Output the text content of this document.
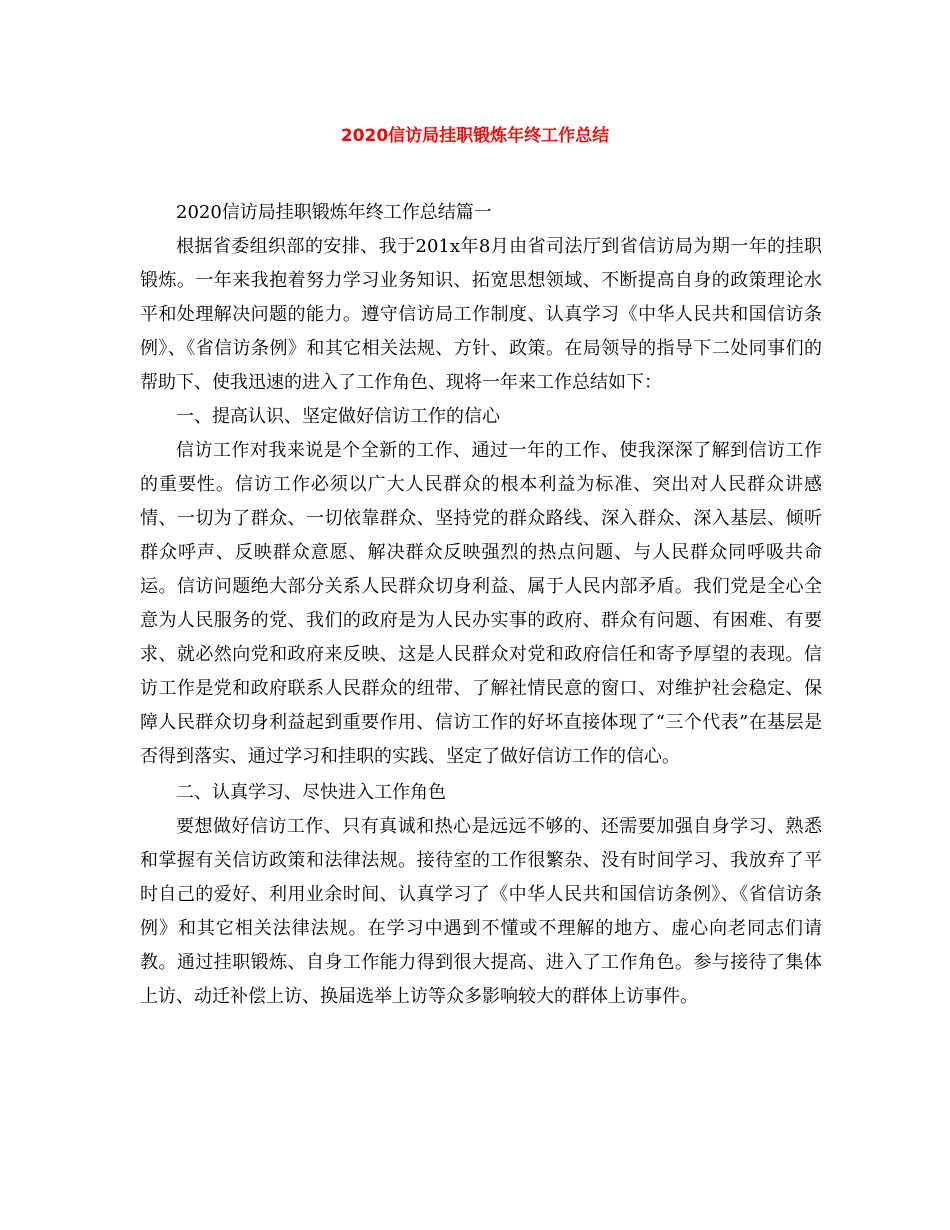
2020信访局挂职锻炼年终工作总结

2020信访局挂职锻炼年终工作总结篇一

根据省委组织部的安排、我于201x年8月由省司法厅到省信访局为期一年的挂职锻炼。一年来我抱着努力学习业务知识、拓宽思想领域、不断提高自身的政策理论水平和处理解决问题的能力。遵守信访局工作制度、认真学习《中华人民共和国信访条例》、《省信访条例》和其它相关法规、方针、政策。在局领导的指导下二处同事们的帮助下、使我迅速的进入了工作角色、现将一年来工作总结如下：

一、提高认识、坚定做好信访工作的信心

信访工作对我来说是个全新的工作、通过一年的工作、使我深深了解到信访工作的重要性。信访工作必须以广大人民群众的根本利益为标准、突出对人民群众讲感情、一切为了群众、一切依靠群众、坚持党的群众路线、深入群众、深入基层、倾听群众呼声、反映群众意愿、解决群众反映强烈的热点问题、与人民群众同呼吸共命运。信访问题绝大部分关系人民群众切身利益、属于人民内部矛盾。我们党是全心全意为人民服务的党、我们的政府是为人民办实事的政府、群众有问题、有困难、有要求、就必然向党和政府来反映、这是人民群众对党和政府信任和寄予厚望的表现。信访工作是党和政府联系人民群众的纽带、了解社情民意的窗口、对维护社会稳定、保障人民群众切身利益起到重要作用、信访工作的好坏直接体现了“三个代表”在基层是否得到落实、通过学习和挂职的实践、坚定了做好信访工作的信心。

二、认真学习、尽快进入工作角色

要想做好信访工作、只有真诚和热心是远远不够的、还需要加强自身学习、熟悉和掌握有关信访政策和法律法规。接待室的工作很繁杂、没有时间学习、我放弃了平时自己的爱好、利用业余时间、认真学习了《中华人民共和国信访条例》、《省信访条例》和其它相关法律法规。在学习中遇到不懂或不理解的地方、虚心向老同志们请教。通过挂职锻炼、自身工作能力得到很大提高、进入了工作角色。参与接待了集体上访、动迁补偿上访、换届选举上访等众多影响较大的群体上访事件。
